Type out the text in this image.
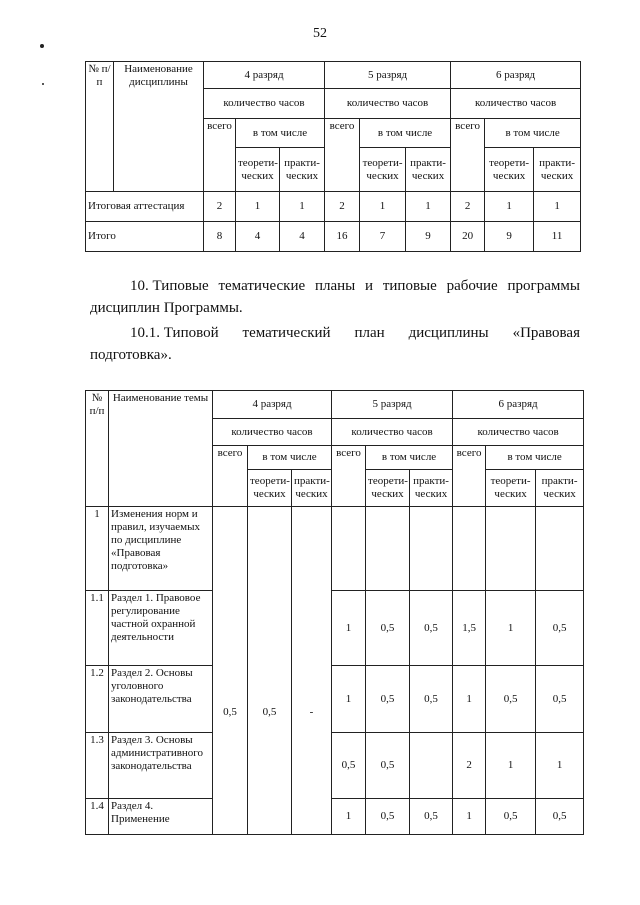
52
№ п/п	Наименование дисциплины	4 разряд			5 разряд			6 разряд		
		количество часов			количество часов			количество часов		
		всего	в том числе		всего	в том числе		всего	в том числе	
			теорети-ческих	практи-ческих		теорети-ческих	практи-ческих		теорети-ческих	практи-ческих
Итоговая аттестация		2	1	1	2	1	1	2	1	1
Итого		8	4	4	16	7	9	20	9	11
10. Типовые тематические планы и типовые рабочие программы
дисциплин Программы.
10.1. Типовой тематический план дисциплины «Правовая
подготовка».
№ п/п	Наименование темы	4 разряд			5 разряд			6 разряд		
		количество часов			количество часов			количество часов		
		всего	в том числе		всего	в том числе		всего	в том числе	
			теорети-ческих	практи-ческих		теорети-ческих	практи-ческих		теорети-ческих	практи-ческих
1	Изменения норм и правил, изучаемых по дисциплине «Правовая подготовка»									
1.1	Раздел 1. Правовое регулирование частной охранной деятельности	0,5	0,5	-	1	0,5	0,5	1,5	1	0,5
1.2	Раздел 2. Основы уголовного законодательства				1	0,5	0,5	1	0,5	0,5
1.3	Раздел 3. Основы административного законодательства				0,5	0,5		2	1	1
1.4	Раздел 4. Применение				1	0,5	0,5	1	0,5	0,5
